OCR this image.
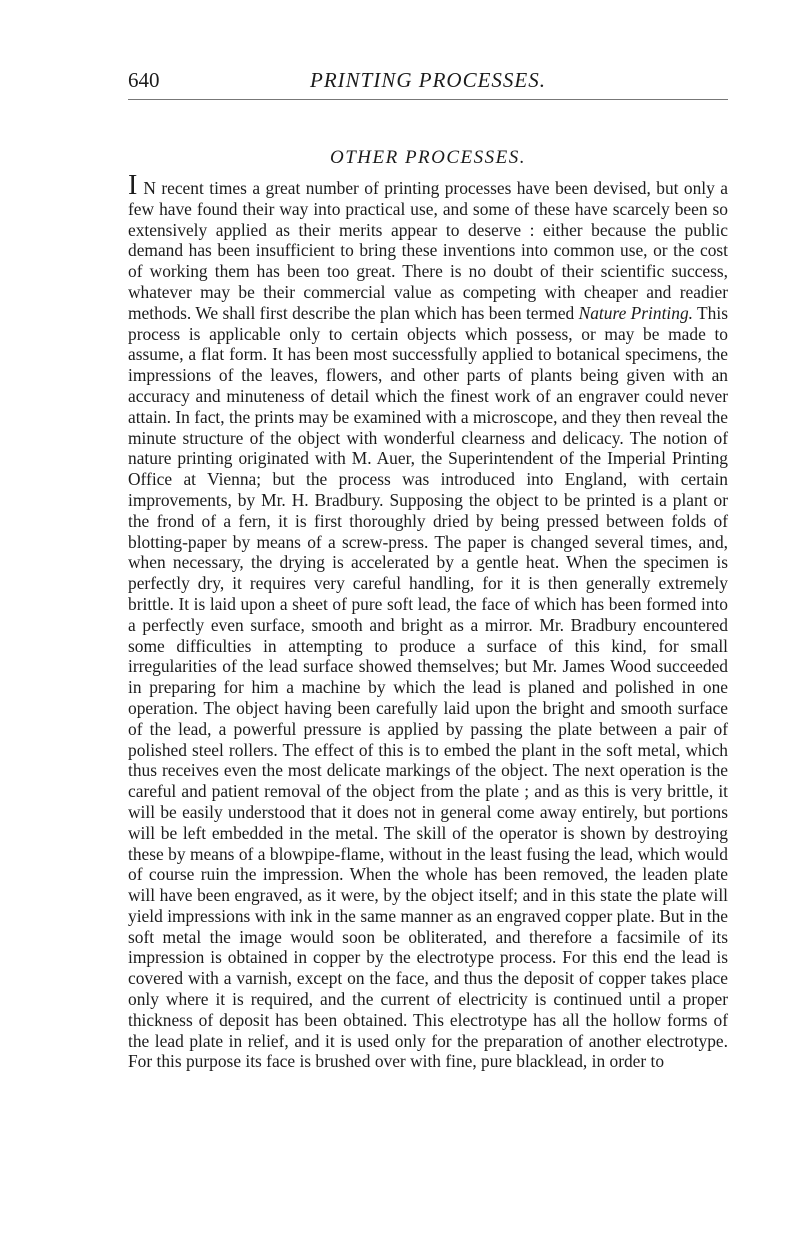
640	PRINTING PROCESSES.
OTHER PROCESSES.

I N recent times a great number of printing processes have been devised, but only a few have found their way into practical use, and some of these have scarcely been so extensively applied as their merits appear to deserve : either because the public demand has been insufficient to bring these inventions into common use, or the cost of working them has been too great. There is no doubt of their scientific success, whatever may be their commercial value as competing with cheaper and readier methods. We shall first describe the plan which has been termed Nature Printing. This process is applicable only to certain objects which possess, or may be made to assume, a flat form. It has been most successfully applied to botanical specimens, the impressions of the leaves, flowers, and other parts of plants being given with an accuracy and minuteness of detail which the finest work of an engraver could never attain. In fact, the prints may be examined with a microscope, and they then reveal the minute structure of the object with wonderful clearness and delicacy. The notion of nature printing originated with M. Auer, the Superintendent of the Imperial Printing Office at Vienna; but the process was introduced into England, with certain improvements, by Mr. H. Bradbury. Supposing the object to be printed is a plant or the frond of a fern, it is first thoroughly dried by being pressed between folds of blotting-paper by means of a screw-press. The paper is changed several times, and, when necessary, the drying is accelerated by a gentle heat. When the specimen is perfectly dry, it requires very careful handling, for it is then generally extremely brittle. It is laid upon a sheet of pure soft lead, the face of which has been formed into a perfectly even surface, smooth and bright as a mirror. Mr. Bradbury encountered some difficulties in attempting to produce a surface of this kind, for small irregularities of the lead surface showed themselves; but Mr. James Wood succeeded in preparing for him a machine by which the lead is planed and polished in one operation. The object having been carefully laid upon the bright and smooth surface of the lead, a powerful pressure is applied by passing the plate between a pair of polished steel rollers. The effect of this is to embed the plant in the soft metal, which thus receives even the most delicate markings of the object. The next operation is the careful and patient removal of the object from the plate ; and as this is very brittle, it will be easily understood that it does not in general come away entirely, but portions will be left embedded in the metal. The skill of the operator is shown by destroying these by means of a blowpipe-flame, without in the least fusing the lead, which would of course ruin the impression. When the whole has been removed, the leaden plate will have been engraved, as it were, by the object itself; and in this state the plate will yield impressions with ink in the same manner as an engraved copper plate. But in the soft metal the image would soon be obliterated, and therefore a facsimile of its impression is obtained in copper by the electrotype process. For this end the lead is covered with a varnish, except on the face, and thus the deposit of copper takes place only where it is required, and the current of electricity is continued until a proper thickness of deposit has been obtained. This electrotype has all the hollow forms of the lead plate in relief, and it is used only for the preparation of another electrotype. For this purpose its face is brushed over with fine, pure blacklead, in order to
